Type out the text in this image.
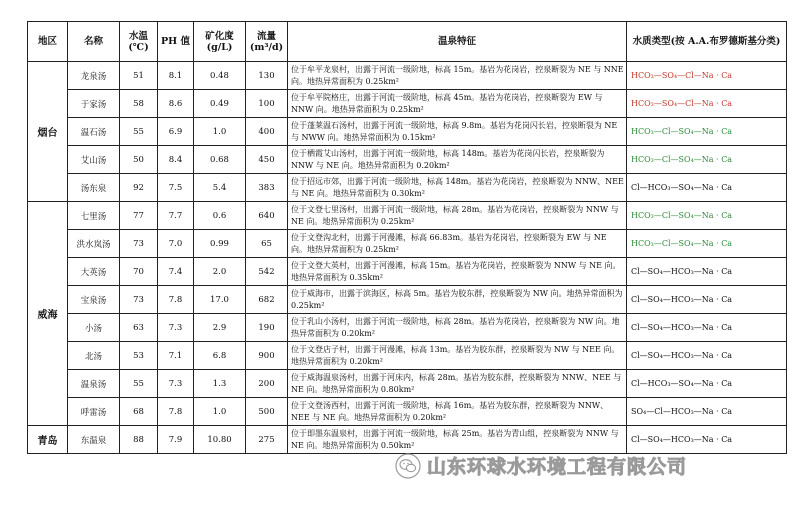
地区	名称	水温(℃)	PH 值	矿化度(g/L)	流量(m³/d)	温泉特征	水质类型(按 A.A.布罗德斯基分类)
烟台	龙泉汤	51	8.1	0.48	130	位于牟平龙泉村，出露于河流一级阶地，标高 15m。基岩为花岗岩，控泉断裂为 NE 与 NNE 向。地热异常面积为 0.25km²	HCO₃—SO₄—Cl—Na · Ca
	于家汤	58	8.6	0.49	100	位于牟平院格庄，出露于河流一级阶地，标高 45m。基岩为花岗岩，控泉断裂为 EW 与 NNW 向。地热异常面积为 0.25km²	HCO₃—SO₄—Cl—Na · Ca
	温石汤	55	6.9	1.0	400	位于蓬莱温石汤村，出露于河流一级阶地，标高 9.8m。基岩为花岗闪长岩，控泉断裂为 NE 与 NWW 向。地热异常面积为 0.15km²	HCO₃—Cl—SO₄—Na · Ca
	艾山汤	50	8.4	0.68	450	位于栖霞艾山汤村，出露于河流一级阶地，标高 148m。基岩为花岗闪长岩，控泉断裂为 NNW 与 NE 向。地热异常面积为 0.20km²	HCO₃—Cl—SO₄—Na · Ca
	汤东泉	92	7.5	5.4	383	位于招远市郊，出露于河流一级阶地，标高 148m。基岩为花岗岩，控泉断裂为 NNW、NEE 与 NE 向。地热异常面积为 0.30km²	Cl—HCO₃—SO₄—Na · Ca
威海	七里汤	77	7.7	0.6	640	位于文登七里汤村，出露于河流一级阶地，标高 28m。基岩为花岗岩，控泉断裂为 NNW 与 NE 向。地热异常面积为 0.25km²	HCO₃—Cl—SO₄—Na · Ca
	洪水岚汤	73	7.0	0.99	65	位于文登沟北村，出露于河漫滩，标高 66.83m。基岩为花岗岩，控泉断裂为 EW 与 NE 向。地热异常面积为 0.25km²	HCO₃—Cl—SO₄—Na · Ca
	大英汤	70	7.4	2.0	542	位于文登大英村，出露于河漫滩，标高 15m。基岩为花岗岩，控泉断裂为 NNW 与 NE 向。地热异常面积为 0.35km²	Cl—SO₄—HCO₃—Na · Ca
	宝泉汤	73	7.8	17.0	682	位于威海市，出露于滨海区，标高 5m。基岩为胶东群，控泉断裂为 NW 向。地热异常面积为 0.25km²	Cl—SO₄—HCO₃—Na · Ca
	小汤	63	7.3	2.9	190	位于乳山小汤村，出露于河流一级阶地，标高 28m。基岩为花岗岩，控泉断裂为 NW 向。地热异常面积为 0.20km²	Cl—SO₄—HCO₃—Na · Ca
	北汤	53	7.1	6.8	900	位于文登店子村，出露于河漫滩，标高 13m。基岩为胶东群，控泉断裂为 NW 与 NEE 向。地热异常面积为 0.20km²	Cl—SO₄—HCO₃—Na · Ca
	温泉汤	55	7.3	1.3	200	位于威海温泉汤村，出露于河床内，标高 28m。基岩为胶东群，控泉断裂为 NNW、NEE 与 NE 向。地热异常面积为 0.80km²	Cl—HCO₃—SO₄—Na · Ca
	呼雷汤	68	7.8	1.0	500	位于文登汤西村，出露于河流一级阶地，标高 16m。基岩为胶东群，控泉断裂为 NNW、NEE 与 NE 向。地热异常面积为 0.20km²	SO₄—Cl—HCO₃—Na · Ca
青岛	东温泉	88	7.9	10.80	275	位于即墨东温泉村，出露于河流一级阶地，标高 25m。基岩为青山组，控泉断裂为 NNW 与 NE 向。地热异常面积为 0.50km²	Cl—SO₄—HCO₃—Na · Ca
山东环球水环境工程有限公司
